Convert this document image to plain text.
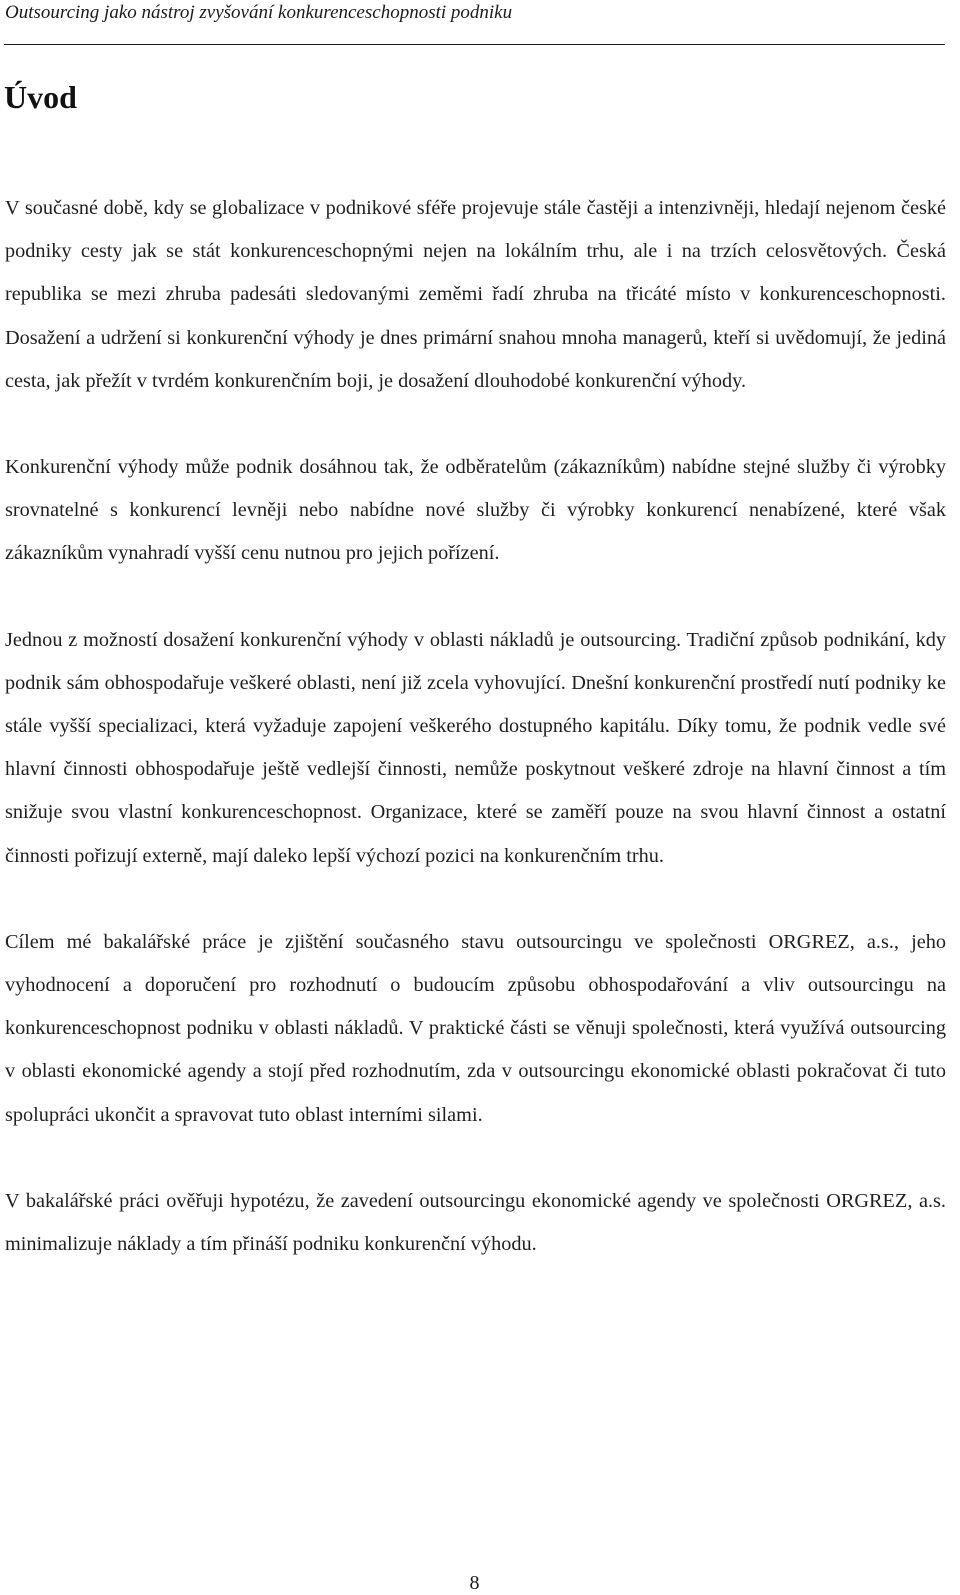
Outsourcing jako nástroj zvyšování konkurenceschopnosti podniku
Úvod

V současné době, kdy se globalizace v podnikové sféře projevuje stále častěji a intenzivněji, hledají nejenom české podniky cesty jak se stát konkurenceschopnými nejen na lokálním trhu, ale i na trzích celosvětových. Česká republika se mezi zhruba padesáti sledovanými zeměmi řadí zhruba na třicáté místo v konkurenceschopnosti. Dosažení a udržení si konkurenční výhody je dnes primární snahou mnoha managerů, kteří si uvědomují, že jediná cesta, jak přežít v tvrdém konkurenčním boji, je dosažení dlouhodobé konkurenční výhody.

Konkurenční výhody může podnik dosáhnou tak, že odběratelům (zákazníkům) nabídne stejné služby či výrobky srovnatelné s konkurencí levněji nebo nabídne nové služby či výrobky konkurencí nenabízené, které však zákazníkům vynahradí vyšší cenu nutnou pro jejich pořízení.

Jednou z možností dosažení konkurenční výhody v oblasti nákladů je outsourcing. Tradiční způsob podnikání, kdy podnik sám obhospodařuje veškeré oblasti, není již zcela vyhovující. Dnešní konkurenční prostředí nutí podniky ke stále vyšší specializaci, která vyžaduje zapojení veškerého dostupného kapitálu. Díky tomu, že podnik vedle své hlavní činnosti obhospodařuje ještě vedlejší činnosti, nemůže poskytnout veškeré zdroje na hlavní činnost a tím snižuje svou vlastní konkurenceschopnost. Organizace, které se zaměří pouze na svou hlavní činnost a ostatní činnosti pořizují externě, mají daleko lepší výchozí pozici na konkurenčním trhu.

Cílem mé bakalářské práce je zjištění současného stavu outsourcingu ve společnosti ORGREZ, a.s., jeho vyhodnocení a doporučení pro rozhodnutí o budoucím způsobu obhospodařování a vliv outsourcingu na konkurenceschopnost podniku v oblasti nákladů. V praktické části se věnuji společnosti, která využívá outsourcing v oblasti ekonomické agendy a stojí před rozhodnutím, zda v outsourcingu ekonomické oblasti pokračovat či tuto spolupráci ukončit a spravovat tuto oblast interními silami.

V bakalářské práci ověřuji hypotézu, že zavedení outsourcingu ekonomické agendy ve společnosti ORGREZ, a.s. minimalizuje náklady a tím přináší podniku konkurenční výhodu.

8
